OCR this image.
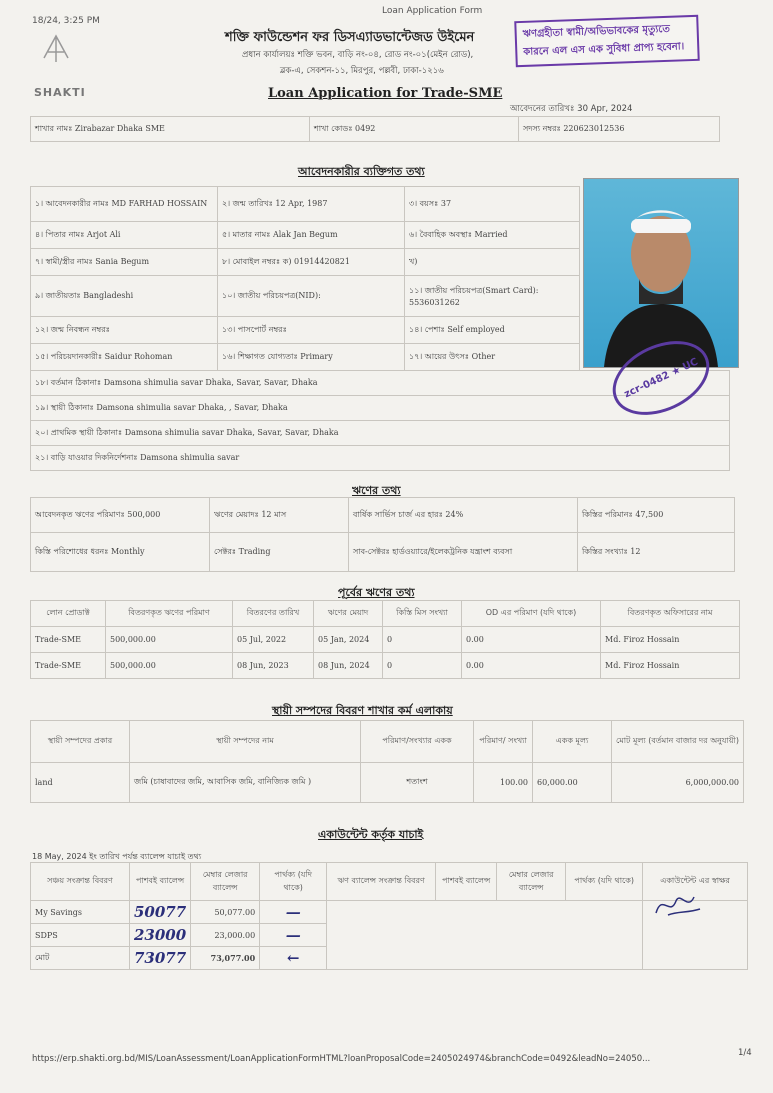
18/24, 3:25 PM
Loan Application Form
SHAKTI
শক্তি ফাউন্ডেশন ফর ডিসএ্যাডভান্টেজড উইমেন
প্রধান কার্যালয়ঃ শক্তি ভবন, বাড়ি নং-০৪, রোড নং-০১(মেইন রোড),
ব্লক-এ, সেকশন-১১, মিরপুর, পল্লবী, ঢাকা-১২১৬
ঋণগ্রহীতা স্বামী/অভিভাবকের মৃত্যুতে
কারনে এল এস এক সুবিধা প্রাপ্য হবেনা।
Loan Application for Trade-SME
আবেদনের তারিখঃ 30 Apr, 2024
শাখার নামঃ Zirabazar Dhaka SME	শাখা কোডঃ 0492	সদস্য নম্বরঃ 220623012536
আবেদনকারীর ব্যক্তিগত তথ্য
১। আবেদনকারীর নামঃ MD FARHAD HOSSAIN	২। জন্ম তারিখঃ 12 Apr, 1987	৩। বয়সঃ 37
৪। পিতার নামঃ Arjot Ali	৫। মাতার নামঃ Alak Jan Begum	৬। বৈবাহিক অবস্থাঃ Married
৭। স্বামী/স্ত্রীর নামঃ Sania Begum	৮। মোবাইল নম্বরঃ ক) 01914420821	খ)
৯। জাতীয়তাঃ Bangladeshi	১০। জাতীয় পরিচয়পত্র(NID):	১১। জাতীয় পরিচয়পত্র(Smart Card): 5536031262
১২। জন্ম নিবন্ধন নম্বরঃ	১৩। পাসপোর্ট নম্বরঃ	১৪। পেশাঃ Self employed
১৫। পরিচয়দানকারীঃ Saidur Rohoman	১৬। শিক্ষাগত যোগ্যতাঃ Primary	১৭। আয়ের উৎসঃ Other
১৮। বর্তমান ঠিকানাঃ Damsona shimulia savar Dhaka, Savar, Savar, Dhaka
১৯। স্থায়ী ঠিকানাঃ Damsona shimulia savar Dhaka, , Savar, Dhaka
২০। প্রাথমিক স্থায়ী ঠিকানাঃ Damsona shimulia savar Dhaka, Savar, Savar, Dhaka
২১। বাড়ি যাওয়ার দিকনির্দেশনাঃ Damsona shimulia savar
zcr-0482 ★ UC
ঋণের তথ্য
আবেদনকৃত ঋণের পরিমাণঃ 500,000	ঋণের মেয়াদঃ 12 মাস	বার্ষিক সার্ভিস চার্জ এর হারঃ 24%	কিস্তির পরিমানঃ 47,500
কিস্তি পরিশোধের ধরনঃ Monthly	সেক্টরঃ Trading	সাব-সেক্টরঃ হার্ডওয়্যারে/ইলেকট্রনিক যন্ত্রাংশ ব্যবসা	কিস্তির সংখ্যাঃ 12
পূর্বের ঋণের তথ্য
লোন প্রোডাক্ট	বিতরণকৃত ঋণের পরিমাণ	বিতরণের তারিখ	ঋণের মেয়াদ	কিস্তি মিস সংখ্যা	OD এর পরিমাণ (যদি থাকে)	বিতরণকৃত অফিসারের নাম
Trade-SME	500,000.00	05 Jul, 2022	05 Jan, 2024	0	0.00	Md. Firoz Hossain
Trade-SME	500,000.00	08 Jun, 2023	08 Jun, 2024	0	0.00	Md. Firoz Hossain
স্থায়ী সম্পদের বিবরণ শাখার কর্ম এলাকায়
স্থায়ী সম্পদের প্রকার	স্থায়ী সম্পদের নাম	পরিমাণ/সংখ্যার একক	পরিমাণ/ সংখ্যা	একক মূল্য	মোট মূল্য (বর্তমান বাজার দর অনুযায়ী)
land	জমি (চাষাবাদের জমি, আবাসিক জমি, বানিজ্যিক জমি )	শতাংশ	100.00	60,000.00	6,000,000.00
একাউন্টেন্ট কর্তৃক যাচাই
18 May, 2024 ইং তারিখ পর্যন্ত ব্যালেন্স যাচাই তথ্য
সঞ্চয় সংক্রান্ত বিবরণ	পাশবই ব্যালেন্স	মেম্বার লেজার ব্যালেন্স	পার্থক্য (যদি থাকে)	ঋণ ব্যালেন্স সংক্রান্ত বিবরণ	পাশবই ব্যালেন্স	মেম্বার লেজার ব্যালেন্স	পার্থক্য (যদি থাকে)	একাউন্টেন্ট এর স্বাক্ষর
My Savings	50077	50,077.00	—		

SDPS	23000	23,000.00	—					
মোট	73077	73,077.00	←					
https://erp.shakti.org.bd/MIS/LoanAssessment/LoanApplicationFormHTML?loanProposalCode=2405024974&branchCode=0492&leadNo=24050...
1/4
